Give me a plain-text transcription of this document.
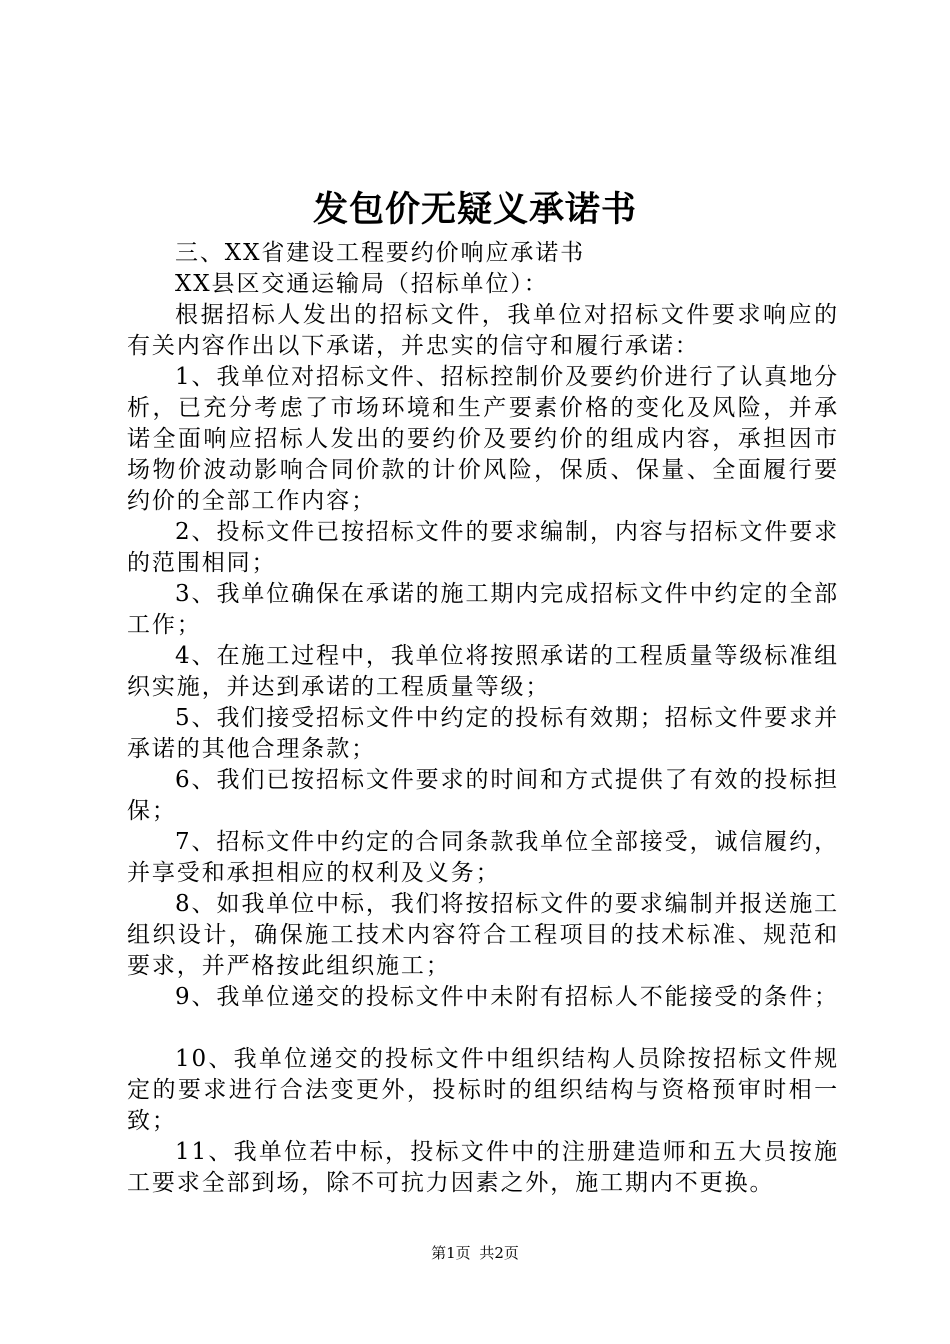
发包价无疑义承诺书

三、XX省建设工程要约价响应承诺书

XX县区交通运输局（招标单位）：

根据招标人发出的招标文件，我单位对招标文件要求响应的有关内容作出以下承诺，并忠实的信守和履行承诺：

1、我单位对招标文件、招标控制价及要约价进行了认真地分析，已充分考虑了市场环境和生产要素价格的变化及风险，并承诺全面响应招标人发出的要约价及要约价的组成内容，承担因市场物价波动影响合同价款的计价风险，保质、保量、全面履行要约价的全部工作内容；

2、投标文件已按招标文件的要求编制，内容与招标文件要求的范围相同；

3、我单位确保在承诺的施工期内完成招标文件中约定的全部工作；

4、在施工过程中，我单位将按照承诺的工程质量等级标准组织实施，并达到承诺的工程质量等级；

5、我们接受招标文件中约定的投标有效期；招标文件要求并承诺的其他合理条款；

6、我们已按招标文件要求的时间和方式提供了有效的投标担保；

7、招标文件中约定的合同条款我单位全部接受，诚信履约，并享受和承担相应的权利及义务；

8、如我单位中标，我们将按招标文件的要求编制并报送施工组织设计，确保施工技术内容符合工程项目的技术标准、规范和要求，并严格按此组织施工；

9、我单位递交的投标文件中未附有招标人不能接受的条件；

10、我单位递交的投标文件中组织结构人员除按招标文件规定的要求进行合法变更外，投标时的组织结构与资格预审时相一致；

11、我单位若中标，投标文件中的注册建造师和五大员按施工要求全部到场，除不可抗力因素之外，施工期内不更换。

第1页 共2页
